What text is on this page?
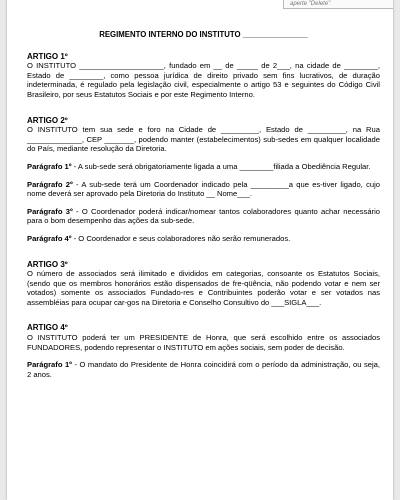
aperte "Delete"
REGIMENTO INTERNO DO INSTITUTO _______________

ARTIGO 1º

O INSTITUTO ____________________, fundado em __ de _____ de 2___, na cidade de ________, Estado de ________, como pessoa jurídica de direito privado sem fins lucrativos, de duração indeterminada, é regulado pela legislação civil, especialmente o artigo 53 e seguintes do Código Civil Brasileiro, por seus Estatutos Sociais e por este Regimento Interno.

ARTIGO 2º

O INSTITUTO tem sua sede e foro na Cidade de _________, Estado de _________, na Rua _____________, CEP _______, podendo manter (estabelecimentos) sub-sedes em qualquer localidade do País, mediante resolução da Diretoria.

Parágrafo 1º - A sub-sede será obrigatoriamente ligada a uma ________filiada a Obediência Regular.

Parágrafo 2º - A sub-sede terá um Coordenador indicado pela _________a que es-tiver ligado, cujo nome deverá ser aprovado pela Diretoria do Instituto __ Nome___.

Parágrafo 3º - O Coordenador poderá indicar/nomear tantos colaboradores quanto achar necessário para o bom desempenho das ações da sub-sede.

Parágrafo 4º - O Coordenador e seus colaboradores não serão remunerados.

ARTIGO 3º

O número de associados será ilimitado e divididos em categorias, consoante os Estatutos Sociais, (sendo que os membros honorários estão dispensados de fre-qüência, não podendo votar e nem ser votados) somente os associados Fundado-res e Contribuintes poderão votar e ser votados nas assembléias para ocupar car-gos na Diretoria e Conselho Consultivo do ___SIGLA___.

ARTIGO 4º

O INSTITUTO poderá ter um PRESIDENTE de Honra, que será escolhido entre os associados FUNDADORES, podendo representar o INSTITUTO em ações sociais, sem poder de decisão.

Parágrafo 1º - O mandato do Presidente de Honra coincidirá com o período da administração, ou seja, 2 anos.
